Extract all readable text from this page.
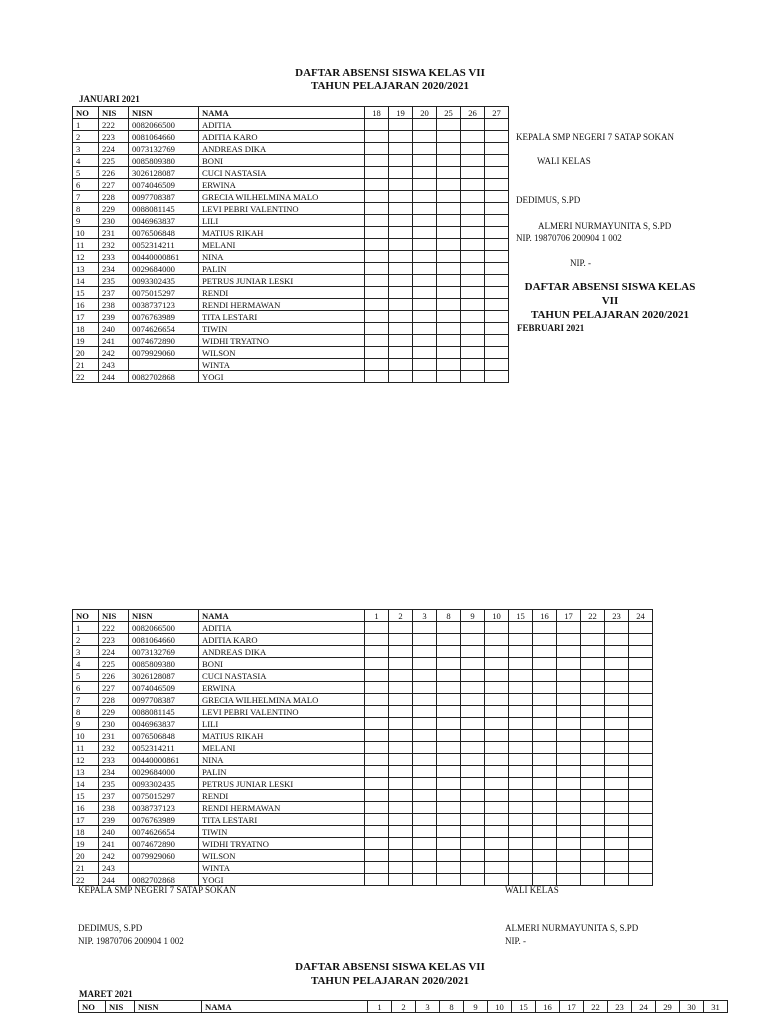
DAFTAR ABSENSI SISWA KELAS VII
TAHUN PELAJARAN 2020/2021
JANUARI 2021
NO	NIS	NISN	NAMA	18	19	20	25	26	27
1	222	0082066500	ADITIA						
2	223	0081064660	ADITIA KARO						
3	224	0073132769	ANDREAS DIKA						
4	225	0085809380	BONI						
5	226	3026128087	CUCI NASTASIA						
6	227	0074046509	ERWINA						
7	228	0097708387	GRECIA WILHELMINA MALO						
8	229	0088081145	LEVI PEBRI VALENTINO						
9	230	0046963837	LILI						
10	231	0076506848	MATIUS RIKAH						
11	232	0052314211	MELANI						
12	233	00440000861	NINA						
13	234	0029684000	PALIN						
14	235	0093302435	PETRUS JUNIAR LESKI						
15	237	0075015297	RENDI						
16	238	0038737123	RENDI HERMAWAN						
17	239	0076763989	TITA LESTARI						
18	240	0074626654	TIWIN						
19	241	0074672890	WIDHI TRYATNO						
20	242	0079929060	WILSON						
21	243		WINTA						
22	244	0082702868	YOGI						
KEPALA SMP NEGERI 7 SATAP SOKAN
WALI KELAS
DEDIMUS, S.PD
ALMERI NURMAYUNITA S, S.PD
NIP. 19870706 200904 1 002
NIP. -
DAFTAR ABSENSI SISWA KELAS
VII
TAHUN PELAJARAN 2020/2021
FEBRUARI 2021
NO	NIS	NISN	NAMA	1	2	3	8	9	10	15	16	17	22	23	24
1	222	0082066500	ADITIA												
2	223	0081064660	ADITIA KARO												
3	224	0073132769	ANDREAS DIKA												
4	225	0085809380	BONI												
5	226	3026128087	CUCI NASTASIA												
6	227	0074046509	ERWINA												
7	228	0097708387	GRECIA WILHELMINA MALO												
8	229	0088081145	LEVI PEBRI VALENTINO												
9	230	0046963837	LILI												
10	231	0076506848	MATIUS RIKAH												
11	232	0052314211	MELANI												
12	233	00440000861	NINA												
13	234	0029684000	PALIN												
14	235	0093302435	PETRUS JUNIAR LESKI												
15	237	0075015297	RENDI												
16	238	0038737123	RENDI HERMAWAN												
17	239	0076763989	TITA LESTARI												
18	240	0074626654	TIWIN												
19	241	0074672890	WIDHI TRYATNO												
20	242	0079929060	WILSON												
21	243		WINTA												
22	244	0082702868	YOGI												
KEPALA SMP NEGERI 7 SATAP SOKAN	WALI KELAS
DEDIMUS, S.PD	ALMERI NURMAYUNITA S, S.PD
NIP. 19870706 200904 1 002	NIP. -
DAFTAR ABSENSI SISWA KELAS VII
TAHUN PELAJARAN 2020/2021
MARET 2021
NO	NIS	NISN	NAMA	1	2	3	8	9	10	15	16	17	22	23	24	29	30	31
